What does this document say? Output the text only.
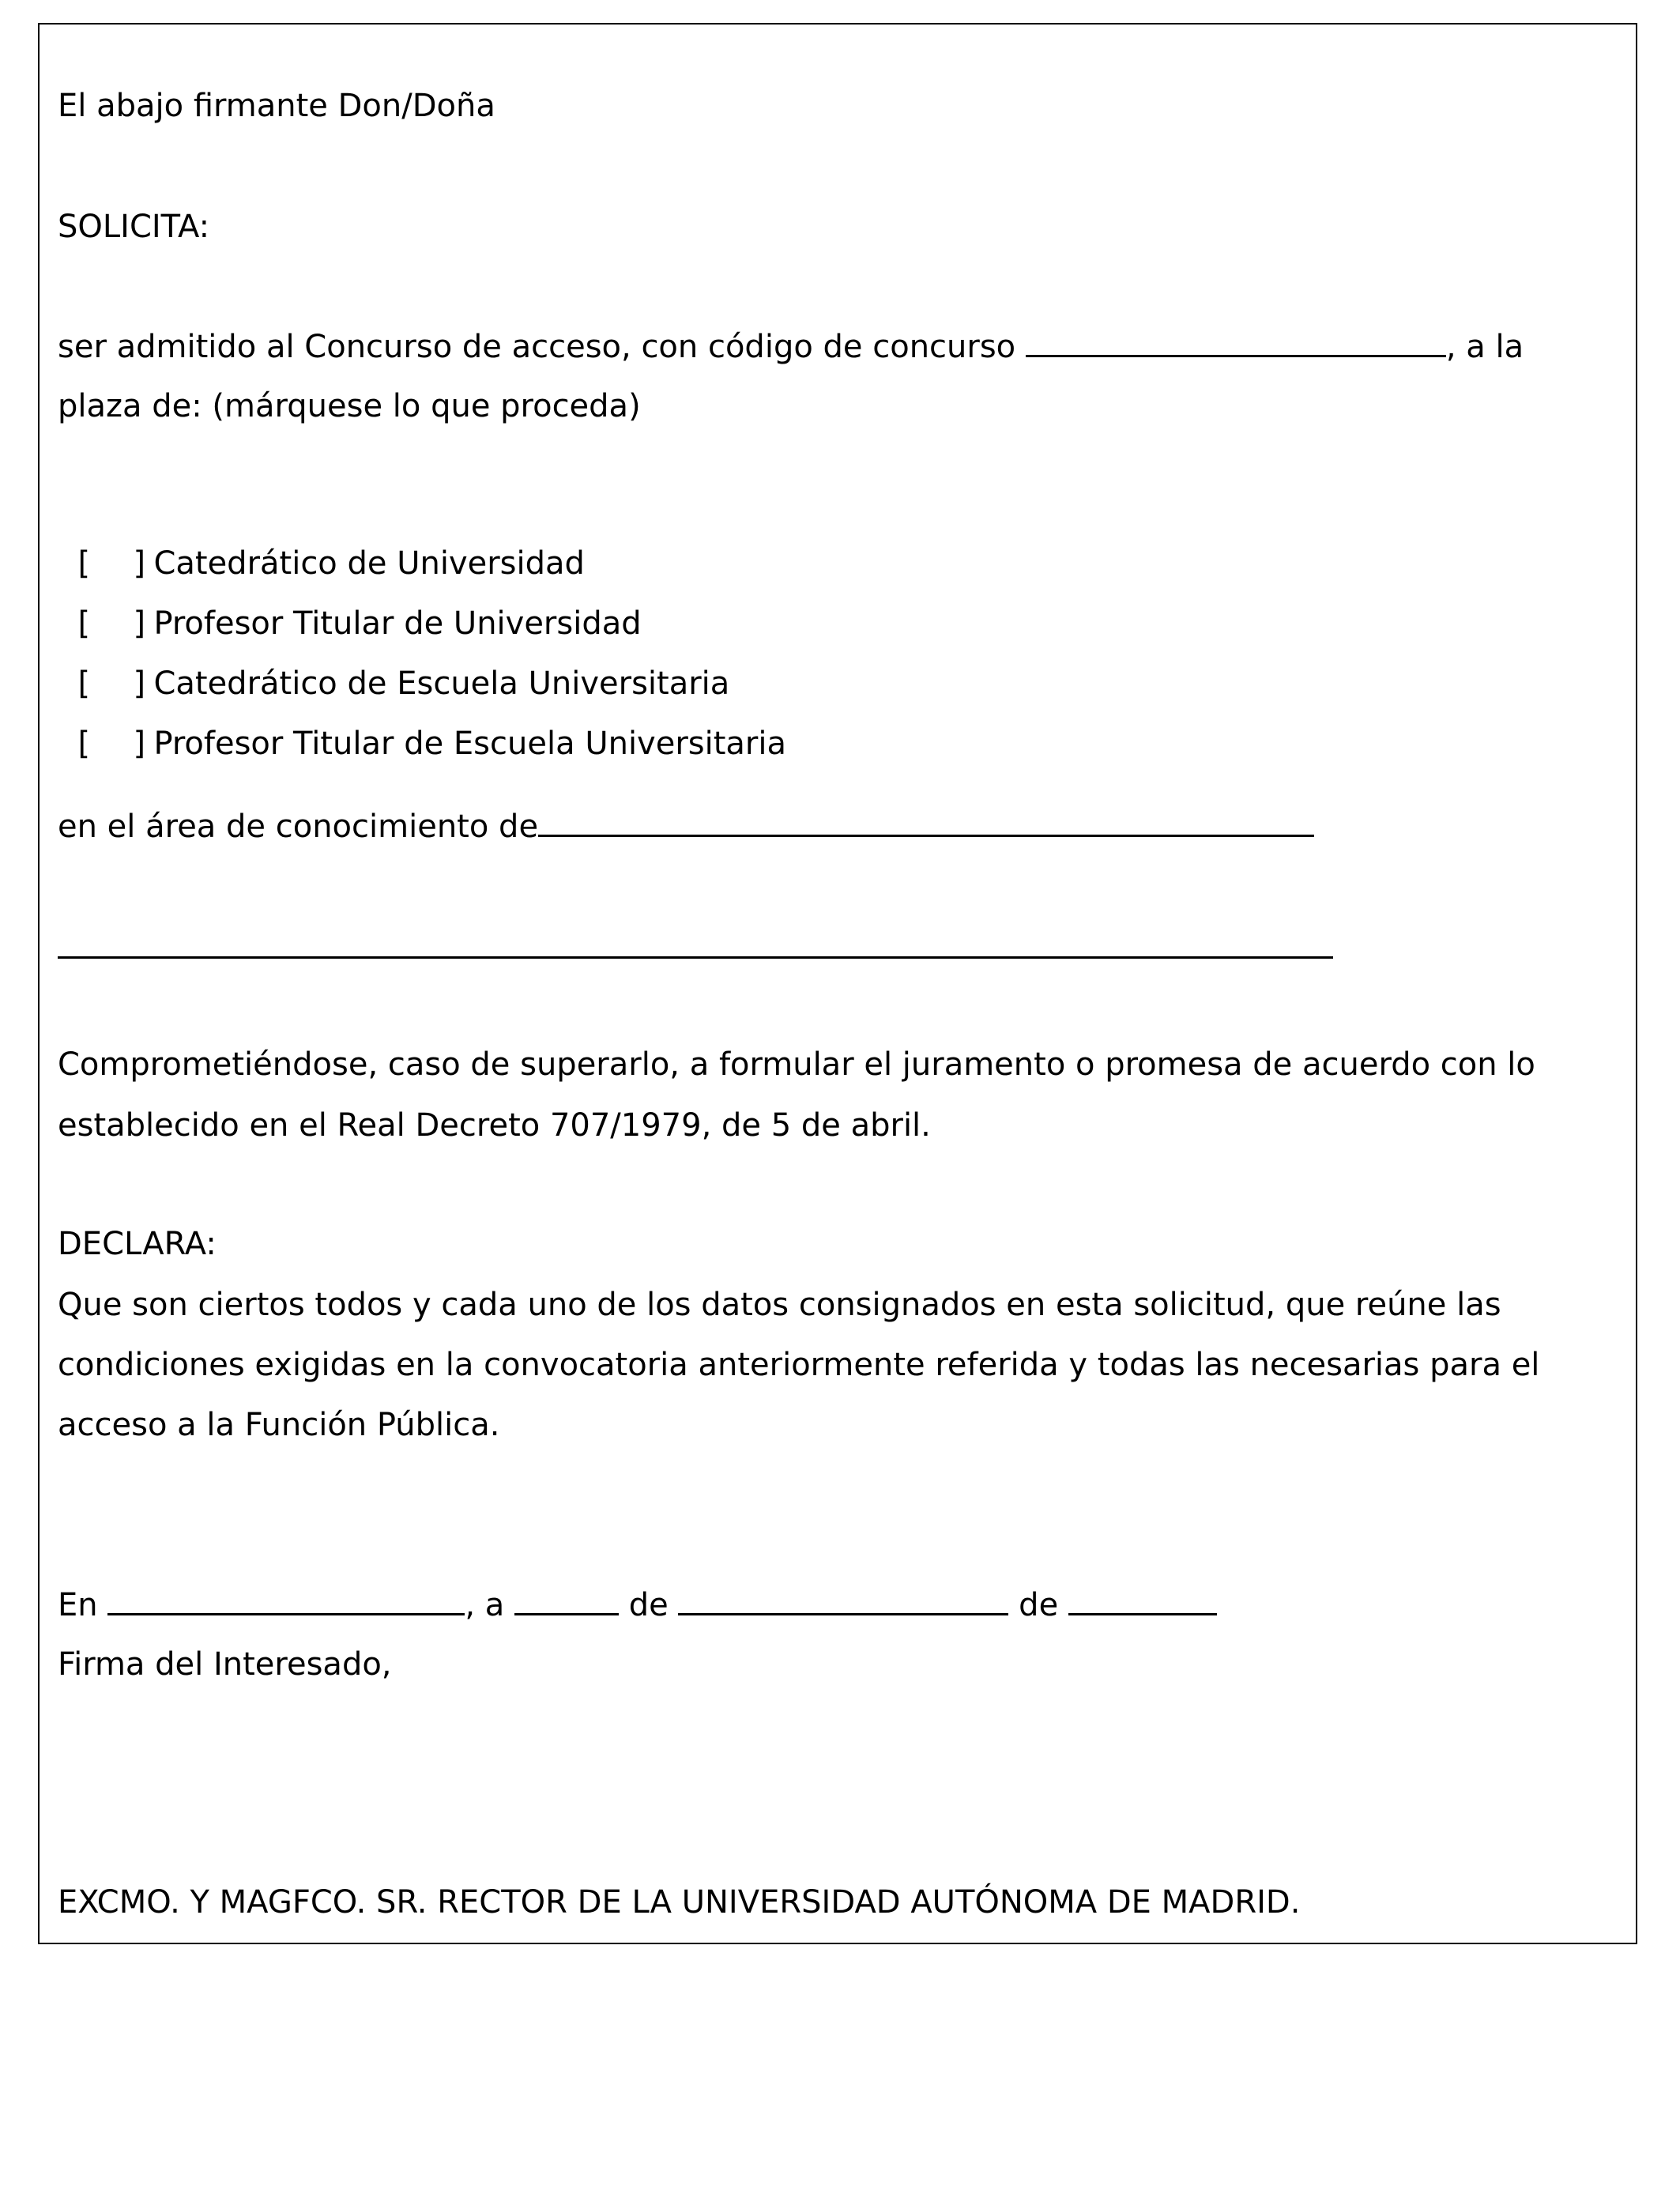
El abajo firmante Don/Doña

SOLICITA:

ser admitido al Concurso de acceso, con código de concurso	, a la

plaza de: (márquese lo que proceda)

[ ] Catedrático de Universidad

[ ] Profesor Titular de Universidad

[ ] Catedrático de Escuela Universitaria

[ ] Profesor Titular de Escuela Universitaria

en el área de conocimiento de

Comprometiéndose, caso de superarlo, a formular el juramento o promesa de acuerdo con lo

establecido en el Real Decreto 707/1979, de 5 de abril.

DECLARA:

Que son ciertos todos y cada uno de los datos consignados en esta solicitud, que reúne las

condiciones exigidas en la convocatoria anteriormente referida y todas las necesarias para el

acceso a la Función Pública.

En	, a	de	de

Firma del Interesado,

EXCMO. Y MAGFCO. SR. RECTOR DE LA UNIVERSIDAD AUTÓNOMA DE MADRID.
